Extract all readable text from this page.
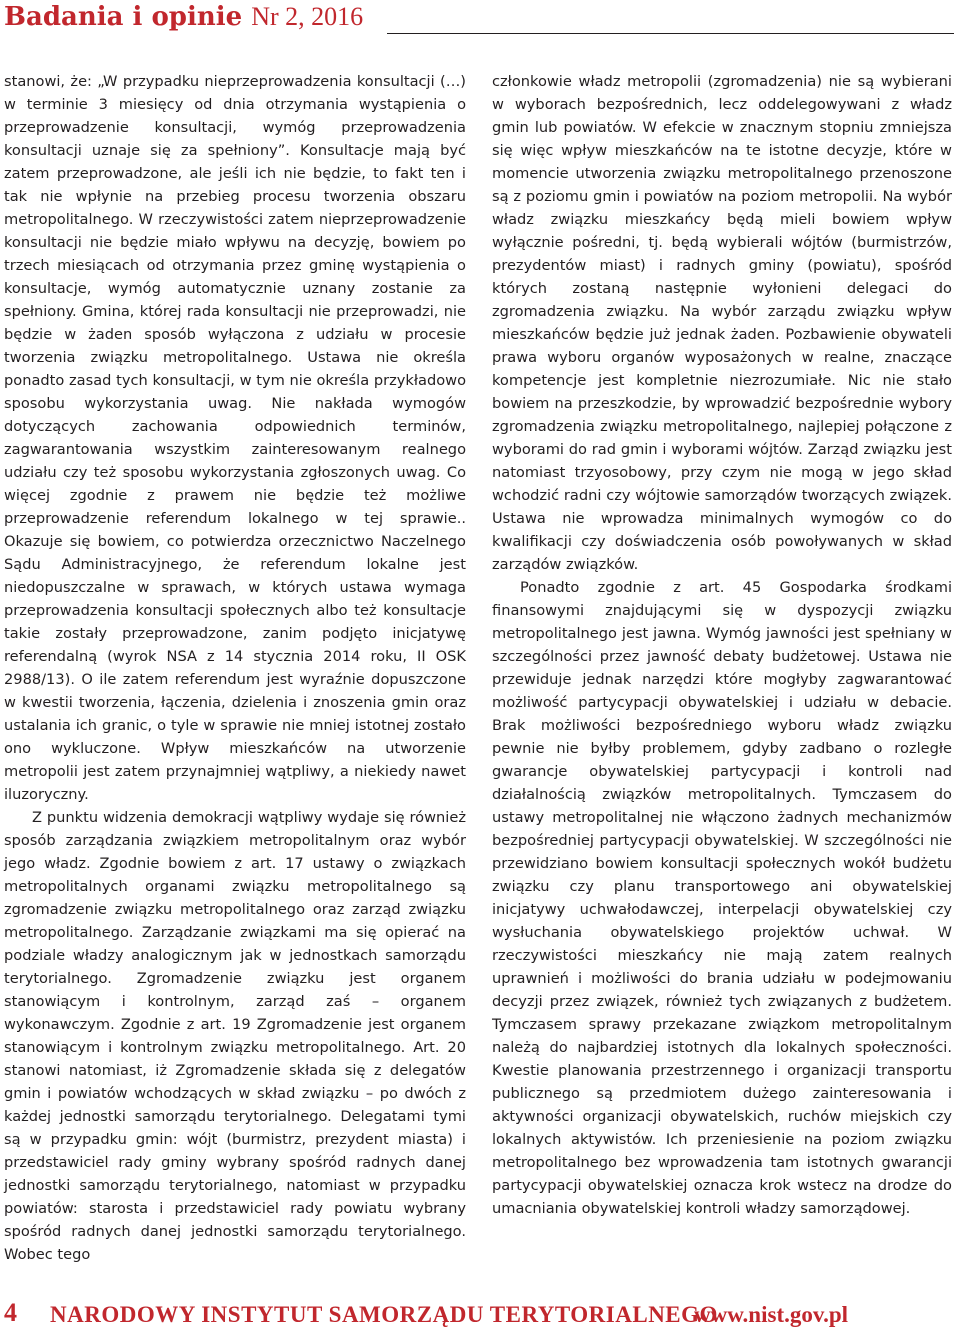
Badania i opinie Nr 2, 2016

stanowi, że: „W przypadku nieprzeprowadzenia konsultacji (…) w terminie 3 miesięcy od dnia otrzymania wystąpienia o przeprowadzenie konsultacji, wymóg przeprowadzenia konsultacji uznaje się za spełniony”. Konsultacje mają być zatem przeprowadzone, ale jeśli ich nie będzie, to fakt ten i tak nie wpłynie na przebieg procesu tworzenia obszaru metropolitalnego. W rzeczywistości zatem nieprzeprowadzenie konsultacji nie będzie miało wpływu na decyzję, bowiem po trzech miesiącach od otrzymania przez gminę wystąpienia o konsultacje, wymóg automatycznie uznany zostanie za spełniony. Gmina, której rada konsultacji nie przeprowadzi, nie będzie w żaden sposób wyłączona z udziału w procesie tworzenia związku metropolitalnego. Ustawa nie określa ponadto zasad tych konsultacji, w tym nie określa przykładowo sposobu wykorzystania uwag. Nie nakłada wymogów dotyczących zachowania odpowiednich terminów, zagwarantowania wszystkim zainteresowanym realnego udziału czy też sposobu wykorzystania zgłoszonych uwag. Co więcej zgodnie z prawem nie będzie też możliwe przeprowadzenie referendum lokalnego w tej sprawie.. Okazuje się bowiem, co potwierdza orzecznictwo Naczelnego Sądu Administracyjnego, że referendum lokalne jest niedopuszczalne w sprawach, w których ustawa wymaga przeprowadzenia konsultacji społecznych albo też konsultacje takie zostały przeprowadzone, zanim podjęto inicjatywę referendalną (wyrok NSA z 14 stycznia 2014 roku, II OSK 2988/13). O ile zatem referendum jest wyraźnie dopuszczone w kwestii tworzenia, łączenia, dzielenia i znoszenia gmin oraz ustalania ich granic, o tyle w sprawie nie mniej istotnej zostało ono wykluczone. Wpływ mieszkańców na utworzenie metropolii jest zatem przynajmniej wątpliwy, a niekiedy nawet iluzoryczny.

Z punktu widzenia demokracji wątpliwy wydaje się również sposób zarządzania związkiem metropolitalnym oraz wybór jego władz. Zgodnie bowiem z art. 17 ustawy o związkach metropolitalnych organami związku metropolitalnego są zgromadzenie związku metropolitalnego oraz zarząd związku metropolitalnego. Zarządzanie związkami ma się opierać na podziale władzy analogicznym jak w jednostkach samorządu terytorialnego. Zgromadzenie związku jest organem stanowiącym i kontrolnym, zarząd zaś – organem wykonawczym. Zgodnie z art. 19 Zgromadzenie jest organem stanowiącym i kontrolnym związku metropolitalnego. Art. 20 stanowi natomiast, iż Zgromadzenie składa się z delegatów gmin i powiatów wchodzących w skład związku – po dwóch z każdej jednostki samorządu terytorialnego. Delegatami tymi są w przypadku gmin: wójt (burmistrz, prezydent miasta) i przedstawiciel rady gminy wybrany spośród radnych danej jednostki samorządu terytorialnego, natomiast w przypadku powiatów: starosta i przedstawiciel rady powiatu wybrany spośród radnych danej jednostki samorządu terytorialnego. Wobec tego

członkowie władz metropolii (zgromadzenia) nie są wybierani w wyborach bezpośrednich, lecz oddelegowywani z władz gmin lub powiatów. W efekcie w znacznym stopniu zmniejsza się więc wpływ mieszkańców na te istotne decyzje, które w momencie utworzenia związku metropolitalnego przenoszone są z poziomu gmin i powiatów na poziom metropolii. Na wybór władz związku mieszkańcy będą mieli bowiem wpływ wyłącznie pośredni, tj. będą wybierali wójtów (burmistrzów, prezydentów miast) i radnych gminy (powiatu), spośród których zostaną następnie wyłonieni delegaci do zgromadzenia związku. Na wybór zarządu związku wpływ mieszkańców będzie już jednak żaden. Pozbawienie obywateli prawa wyboru organów wyposażonych w realne, znaczące kompetencje jest kompletnie niezrozumiałe. Nic nie stało bowiem na przeszkodzie, by wprowadzić bezpośrednie wybory zgromadzenia związku metropolitalnego, najlepiej połączone z wyborami do rad gmin i wyborami wójtów. Zarząd związku jest natomiast trzyosobowy, przy czym nie mogą w jego skład wchodzić radni czy wójtowie samorządów tworzących związek. Ustawa nie wprowadza minimalnych wymogów co do kwalifikacji czy doświadczenia osób powoływanych w skład zarządów związków.

Ponadto zgodnie z art. 45 Gospodarka środkami finansowymi znajdującymi się w dyspozycji związku metropolitalnego jest jawna. Wymóg jawności jest spełniany w szczególności przez jawność debaty budżetowej. Ustawa nie przewiduje jednak narzędzi które mogłyby zagwarantować możliwość partycypacji obywatelskiej i udziału w debacie. Brak możliwości bezpośredniego wyboru władz związku pewnie nie byłby problemem, gdyby zadbano o rozległe gwarancje obywatelskiej partycypacji i kontroli nad działalnością związków metropolitalnych. Tymczasem do ustawy metropolitalnej nie włączono żadnych mechanizmów bezpośredniej partycypacji obywatelskiej. W szczególności nie przewidziano bowiem konsultacji społecznych wokół budżetu związku czy planu transportowego ani obywatelskiej inicjatywy uchwałodawczej, interpelacji obywatelskiej czy wysłuchania obywatelskiego projektów uchwał. W rzeczywistości mieszkańcy nie mają zatem realnych uprawnień i możliwości do brania udziału w podejmowaniu decyzji przez związek, również tych związanych z budżetem. Tymczasem sprawy przekazane związkom metropolitalnym należą do najbardziej istotnych dla lokalnych społeczności. Kwestie planowania przestrzennego i organizacji transportu publicznego są przedmiotem dużego zainteresowania i aktywności organizacji obywatelskich, ruchów miejskich czy lokalnych aktywistów. Ich przeniesienie na poziom związku metropolitalnego bez wprowadzenia tam istotnych gwarancji partycypacji obywatelskiej oznacza krok wstecz na drodze do umacniania obywatelskiej kontroli władzy samorządowej.

4 NARODOWY INSTYTUT SAMORZĄDU TERYTORIALNEGO
www.nist.gov.pl
